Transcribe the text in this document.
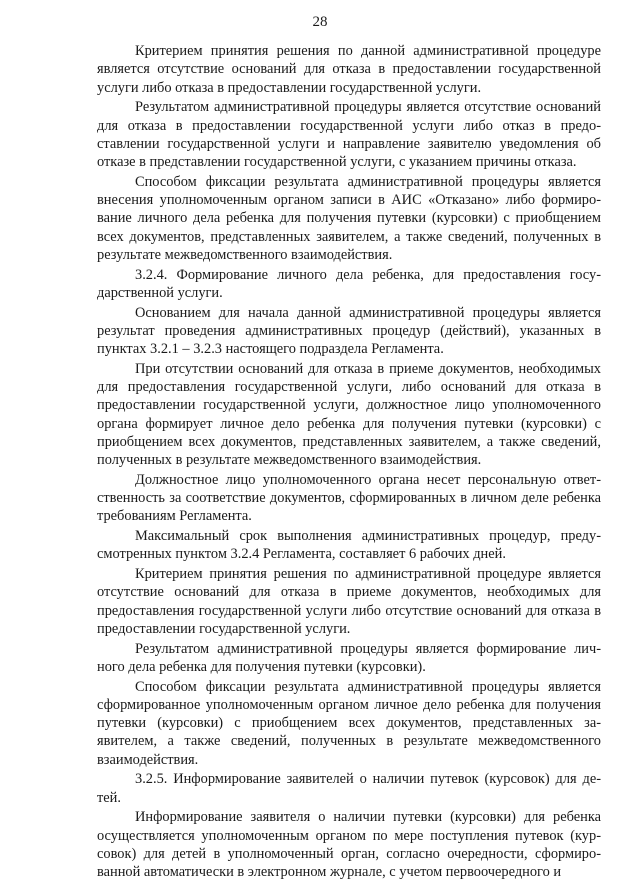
28

Критерием принятия решения по данной административной процедуре является отсутствие оснований для отказа в предоставлении государственной услуги либо отказа в предоставлении государственной услуги.

Результатом административной процедуры является отсутствие оснований для отказа в предоставлении государственной услуги либо отказ в предоставлении государственной услуги и направление заявителю уведомления об отказе в представлении государственной услуги, с указанием причины отказа.

Способом фиксации результата административной процедуры является внесения уполномоченным органом записи в АИС «Отказано» либо формирование личного дела ребенка для получения путевки (курсовки) с приобщением всех документов, представленных заявителем, а также сведений, полученных в результате межведомственного взаимодействия.

3.2.4. Формирование личного дела ребенка, для предоставления государственной услуги.

Основанием для начала данной административной процедуры является результат проведения административных процедур (действий), указанных в пунктах 3.2.1 – 3.2.3 настоящего подраздела Регламента.

При отсутствии оснований для отказа в приеме документов, необходимых для предоставления государственной услуги, либо оснований для отказа в предоставлении государственной услуги, должностное лицо уполномоченного органа формирует личное дело ребенка для получения путевки (курсовки) с приобщением всех документов, представленных заявителем, а также сведений, полученных в результате межведомственного взаимодействия.

Должностное лицо уполномоченного органа несет персональную ответственность за соответствие документов, сформированных в личном деле ребенка требованиям Регламента.

Максимальный срок выполнения административных процедур, предусмотренных пунктом 3.2.4 Регламента, составляет 6 рабочих дней.

Критерием принятия решения по административной процедуре является отсутствие оснований для отказа в приеме документов, необходимых для предоставления государственной услуги либо отсутствие оснований для отказа в предоставлении государственной услуги.

Результатом административной процедуры является формирование личного дела ребенка для получения путевки (курсовки).

Способом фиксации результата административной процедуры является сформированное уполномоченным органом личное дело ребенка для получения путевки (курсовки) с приобщением всех документов, представленных заявителем, а также сведений, полученных в результате межведомственного взаимодействия.

3.2.5. Информирование заявителей о наличии путевок (курсовок) для детей.

Информирование заявителя о наличии путевки (курсовки) для ребенка осуществляется уполномоченным органом по мере поступления путевок (курсовок) для детей в уполномоченный орган, согласно очередности, сформированной автоматически в электронном журнале, с учетом первоочередного и
